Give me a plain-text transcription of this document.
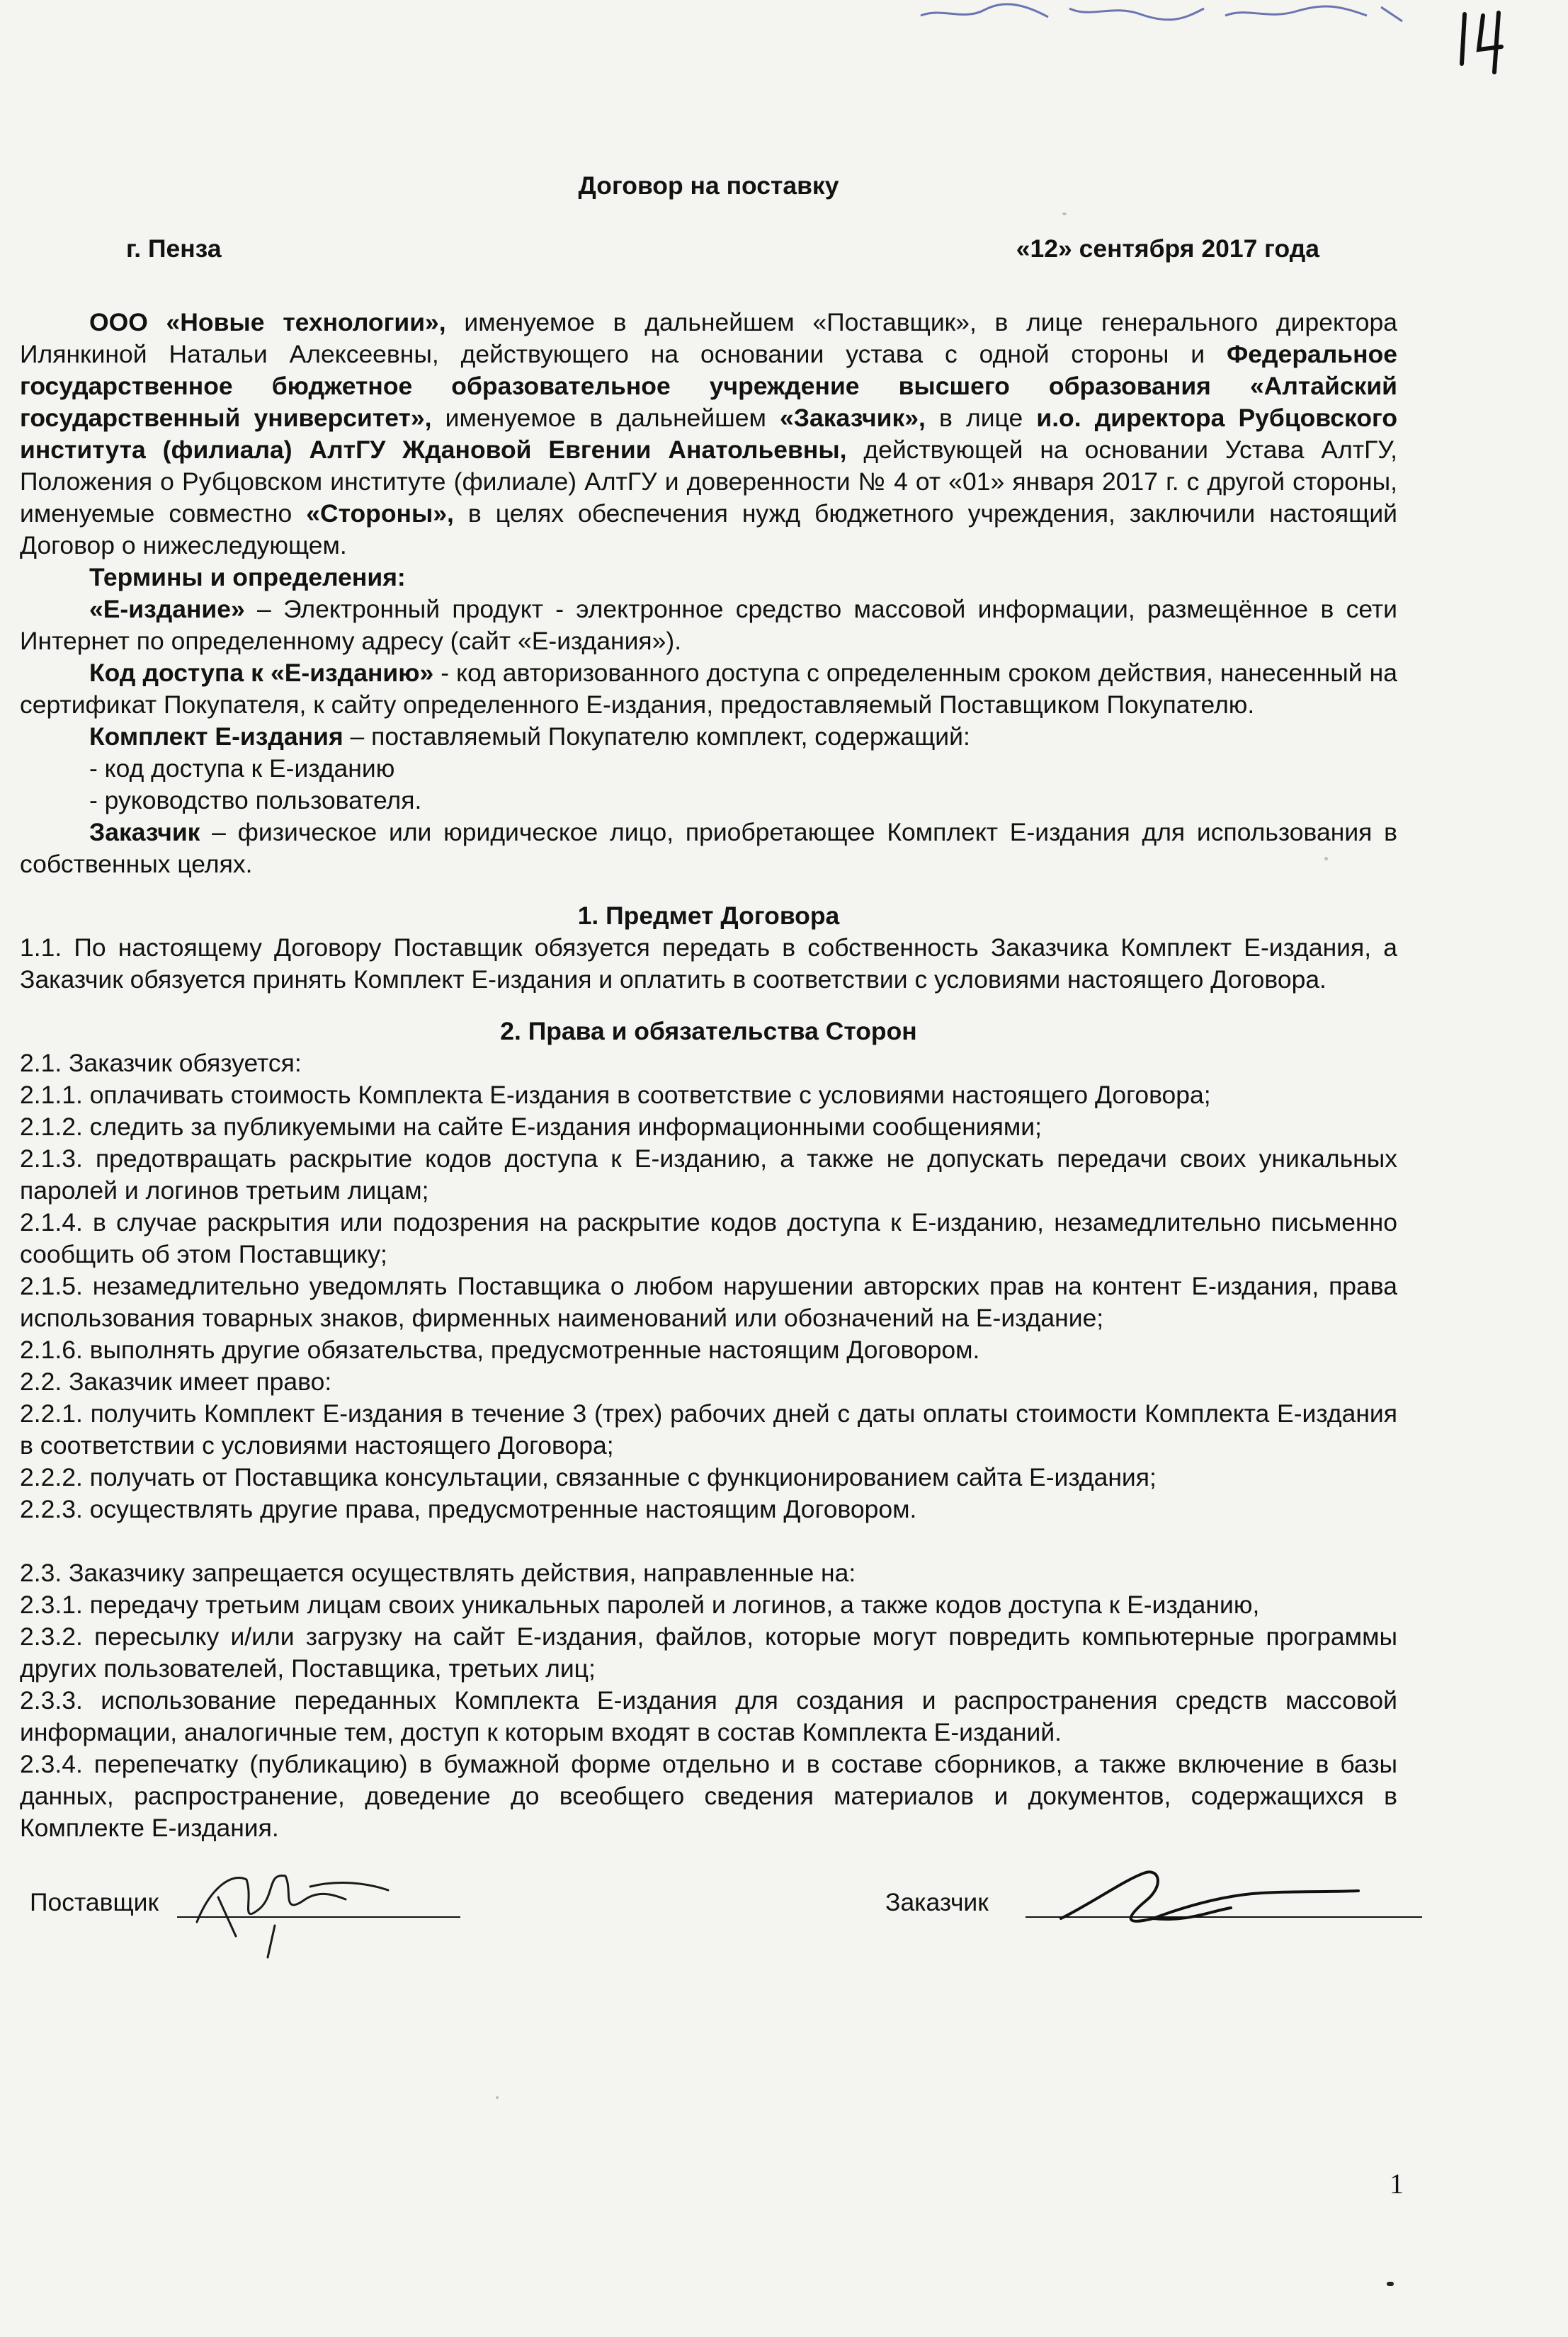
Договор на поставку

г. Пенза	«12» сентября 2017 года

ООО «Новые технологии», именуемое в дальнейшем «Поставщик», в лице генерального директора Илянкиной Натальи Алексеевны, действующего на основании устава с одной стороны и Федеральное государственное бюджетное образовательное учреждение высшего образования «Алтайский государственный университет», именуемое в дальнейшем «Заказчик», в лице и.о. директора Рубцовского института (филиала) АлтГУ Ждановой Евгении Анатольевны, действующей на основании Устава АлтГУ, Положения о Рубцовском институте (филиале) АлтГУ и доверенности № 4 от «01» января 2017 г. с другой стороны, именуемые совместно «Стороны», в целях обеспечения нужд бюджетного учреждения, заключили настоящий Договор о нижеследующем.

Термины и определения:

«Е-издание» – Электронный продукт - электронное средство массовой информации, размещённое в сети Интернет по определенному адресу (сайт «Е-издания»).

Код доступа к «Е-изданию» - код авторизованного доступа с определенным сроком действия, нанесенный на сертификат Покупателя, к сайту определенного Е-издания, предоставляемый Поставщиком Покупателю.

Комплект Е-издания – поставляемый Покупателю комплект, содержащий:

- код доступа к Е-изданию

- руководство пользователя.

Заказчик – физическое или юридическое лицо, приобретающее Комплект Е-издания для использования в собственных целях.

1. Предмет Договора

1.1. По настоящему Договору Поставщик обязуется передать в собственность Заказчика Комплект Е-издания, а Заказчик обязуется принять Комплект Е-издания и оплатить в соответствии с условиями настоящего Договора.

2. Права и обязательства Сторон

2.1. Заказчик обязуется:

2.1.1. оплачивать стоимость Комплекта Е-издания в соответствие с условиями настоящего Договора;

2.1.2. следить за публикуемыми на сайте Е-издания информационными сообщениями;

2.1.3. предотвращать раскрытие кодов доступа к Е-изданию, а также не допускать передачи своих уникальных паролей и логинов третьим лицам;

2.1.4. в случае раскрытия или подозрения на раскрытие кодов доступа к Е-изданию, незамедлительно письменно сообщить об этом Поставщику;

2.1.5. незамедлительно уведомлять Поставщика о любом нарушении авторских прав на контент Е-издания, права использования товарных знаков, фирменных наименований или обозначений на Е-издание;

2.1.6. выполнять другие обязательства, предусмотренные настоящим Договором.

2.2. Заказчик имеет право:

2.2.1. получить Комплект Е-издания в течение 3 (трех) рабочих дней с даты оплаты стоимости Комплекта Е-издания в соответствии с условиями настоящего Договора;

2.2.2. получать от Поставщика консультации, связанные с функционированием сайта Е-издания;

2.2.3. осуществлять другие права, предусмотренные настоящим Договором.

2.3. Заказчику запрещается осуществлять действия, направленные на:

2.3.1. передачу третьим лицам своих уникальных паролей и логинов, а также кодов доступа к Е-изданию,

2.3.2. пересылку и/или загрузку на сайт Е-издания, файлов, которые могут повредить компьютерные программы других пользователей, Поставщика, третьих лиц;

2.3.3. использование переданных Комплекта Е-издания для создания и распространения средств массовой информации, аналогичные тем, доступ к которым входят в состав Комплекта Е-изданий.

2.3.4. перепечатку (публикацию) в бумажной форме отдельно и в составе сборников, а также включение в базы данных, распространение, доведение до всеобщего сведения материалов и документов, содержащихся в Комплекте Е-издания.

Поставщик	Заказчик
1
